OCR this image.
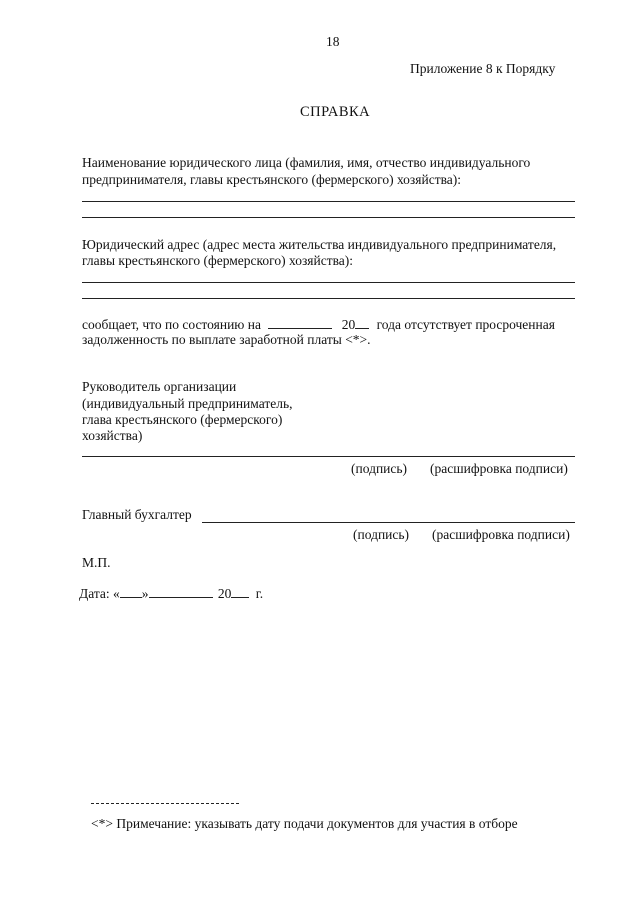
18
Приложение 8 к Порядку
СПРАВКА
Наименование юридического лица (фамилия, имя, отчество индивидуального
предпринимателя, главы крестьянского (фермерского) хозяйства):
Юридический адрес (адрес места жительства индивидуального предпринимателя,
главы крестьянского (фермерского) хозяйства):
сообщает, что по состоянию на	20 года отсутствует просроченная
задолженность по выплате заработной платы <*>.
Руководитель организации
(индивидуальный предприниматель,
глава крестьянского (фермерского)
хозяйства)
(подпись) (расшифровка подписи)
Главный бухгалтер
(подпись) (расшифровка подписи)
М.П.
Дата: « »	20 г.
<*> Примечание: указывать дату подачи документов для участия в отборе
